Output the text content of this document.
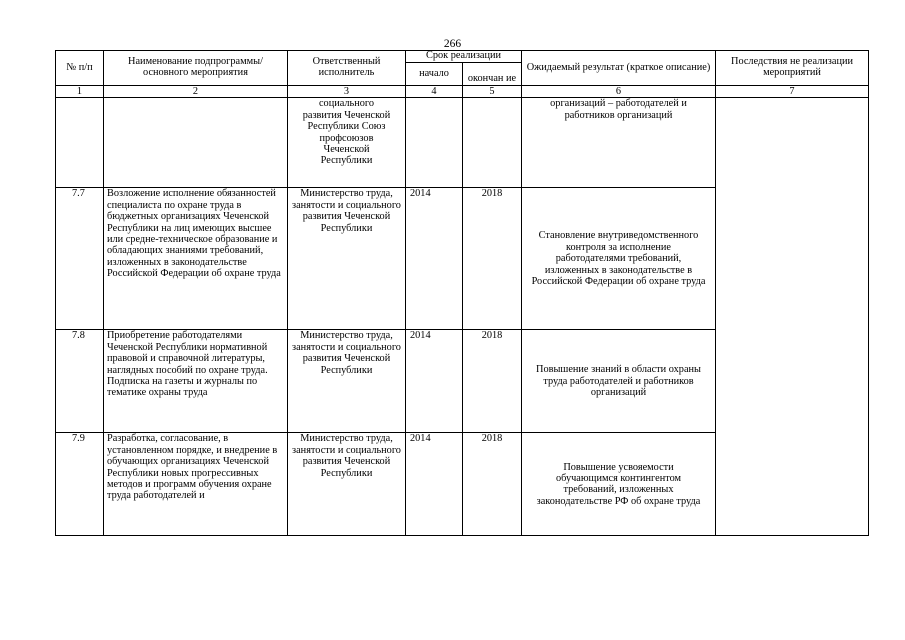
266
№ п/п	Наименование подпрограммы/ основного мероприятия	Ответственный исполнитель	Срок реализации		Ожидаемый результат (краткое описание)	Последствия не реализации мероприятий
			начало	окончан ие		
1	2	3	4	5	6	7
		социального развития Чеченской Республики Союз профсоюзов Чеченской Республики			организаций – работодателей и работников организаций	
7.7	Возложение исполнение обязанностей специалиста по охране труда в бюджетных организациях Чеченской Республики на лиц имеющих высшее или средне-техническое образование и обладающих знаниями требований, изложенных в законодательстве Российской Федерации об охране труда	Министерство труда, занятости и социального развития Чеченской Республики	2014	2018	Становление внутриведомственного контроля за исполнение работодателями требований, изложенных в законодательстве в Российской Федерации об охране труда	
7.8	Приобретение работодателями Чеченской Республики нормативной правовой и справочной литературы, наглядных пособий по охране труда. Подписка на газеты и журналы по тематике охраны труда	Министерство труда, занятости и социального развития Чеченской Республики	2014	2018	Повышение знаний в области охраны труда работодателей и работников организаций	
7.9	Разработка, согласование, в установленном порядке, и внедрение в обучающих организациях Чеченской Республики новых прогрессивных методов и программ обучения охране труда работодателей и	Министерство труда, занятости и социального развития Чеченской Республики	2014	2018	Повышение усвояемости обучающимся контингентом требований, изложенных законодательстве РФ об охране труда	
